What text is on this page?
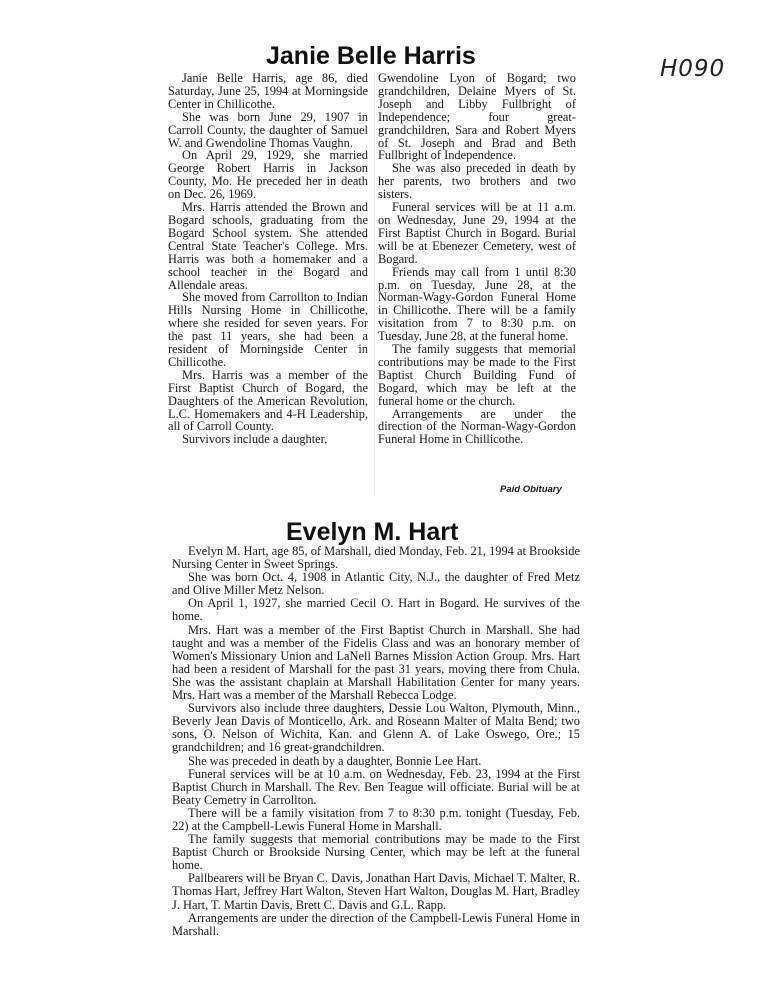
H090
Janie Belle Harris

Janie Belle Harris, age 86, died Saturday, June 25, 1994 at Morningside Center in Chillicothe.

She was born June 29, 1907 in Carroll County, the daughter of Samuel W. and Gwendoline Thomas Vaughn.

On April 29, 1929, she married George Robert Harris in Jackson County, Mo. He preceded her in death on Dec. 26, 1969.

Mrs. Harris attended the Brown and Bogard schools, graduating from the Bogard School system. She attended Central State Teacher's College. Mrs. Harris was both a homemaker and a school teacher in the Bogard and Allendale areas.

She moved from Carrollton to Indian Hills Nursing Home in Chillicothe, where she resided for seven years. For the past 11 years, she had been a resident of Morningside Center in Chillicothe.

Mrs. Harris was a member of the First Baptist Church of Bogard, the Daughters of the American Revolution, L.C. Homemakers and 4-H Leadership, all of Carroll County.

Survivors include a daughter,

Gwendoline Lyon of Bogard; two grandchildren, Delaine Myers of St. Joseph and Libby Fullbright of Independence; four great-grandchildren, Sara and Robert Myers of St. Joseph and Brad and Beth Fullbright of Independence.

She was also preceded in death by her parents, two brothers and two sisters.

Funeral services will be at 11 a.m. on Wednesday, June 29, 1994 at the First Baptist Church in Bogard. Burial will be at Ebenezer Cemetery, west of Bogard.

Friends may call from 1 until 8:30 p.m. on Tuesday, June 28, at the Norman-Wagy-Gordon Funeral Home in Chillicothe. There will be a family visitation from 7 to 8:30 p.m. on Tuesday, June 28, at the funeral home.

The family suggests that memorial contributions may be made to the First Baptist Church Building Fund of Bogard, which may be left at the funeral home or the church.

Arrangements are under the direction of the Norman-Wagy-Gordon Funeral Home in Chillicothe.

Paid Obituary
Evelyn M. Hart

Evelyn M. Hart, age 85, of Marshall, died Monday, Feb. 21, 1994 at Brookside Nursing Center in Sweet Springs.

She was born Oct. 4, 1908 in Atlantic City, N.J., the daughter of Fred Metz and Olive Miller Metz Nelson.

On April 1, 1927, she married Cecil O. Hart in Bogard. He survives of the home.

Mrs. Hart was a member of the First Baptist Church in Marshall. She had taught and was a member of the Fidelis Class and was an honorary member of Women's Missionary Union and LaNell Barnes Mission Action Group. Mrs. Hart had been a resident of Marshall for the past 31 years, moving there from Chula. She was the assistant chaplain at Marshall Habilitation Center for many years. Mrs. Hart was a member of the Marshall Rebecca Lodge.

Survivors also include three daughters, Dessie Lou Walton, Plymouth, Minn., Beverly Jean Davis of Monticello, Ark. and Roseann Malter of Malta Bend; two sons, O. Nelson of Wichita, Kan. and Glenn A. of Lake Oswego, Ore.; 15 grandchildren; and 16 great-grandchildren.

She was preceded in death by a daughter, Bonnie Lee Hart.

Funeral services will be at 10 a.m. on Wednesday, Feb. 23, 1994 at the First Baptist Church in Marshall. The Rev. Ben Teague will officiate. Burial will be at Beaty Cemetry in Carrollton.

There will be a family visitation from 7 to 8:30 p.m. tonight (Tuesday, Feb. 22) at the Campbell-Lewis Funeral Home in Marshall.

The family suggests that memorial contributions may be made to the First Baptist Church or Brookside Nursing Center, which may be left at the funeral home.

Pallbearers will be Bryan C. Davis, Jonathan Hart Davis, Michael T. Malter, R. Thomas Hart, Jeffrey Hart Walton, Steven Hart Walton, Douglas M. Hart, Bradley J. Hart, T. Martin Davis, Brett C. Davis and G.L. Rapp.

Arrangements are under the direction of the Campbell-Lewis Funeral Home in Marshall.
